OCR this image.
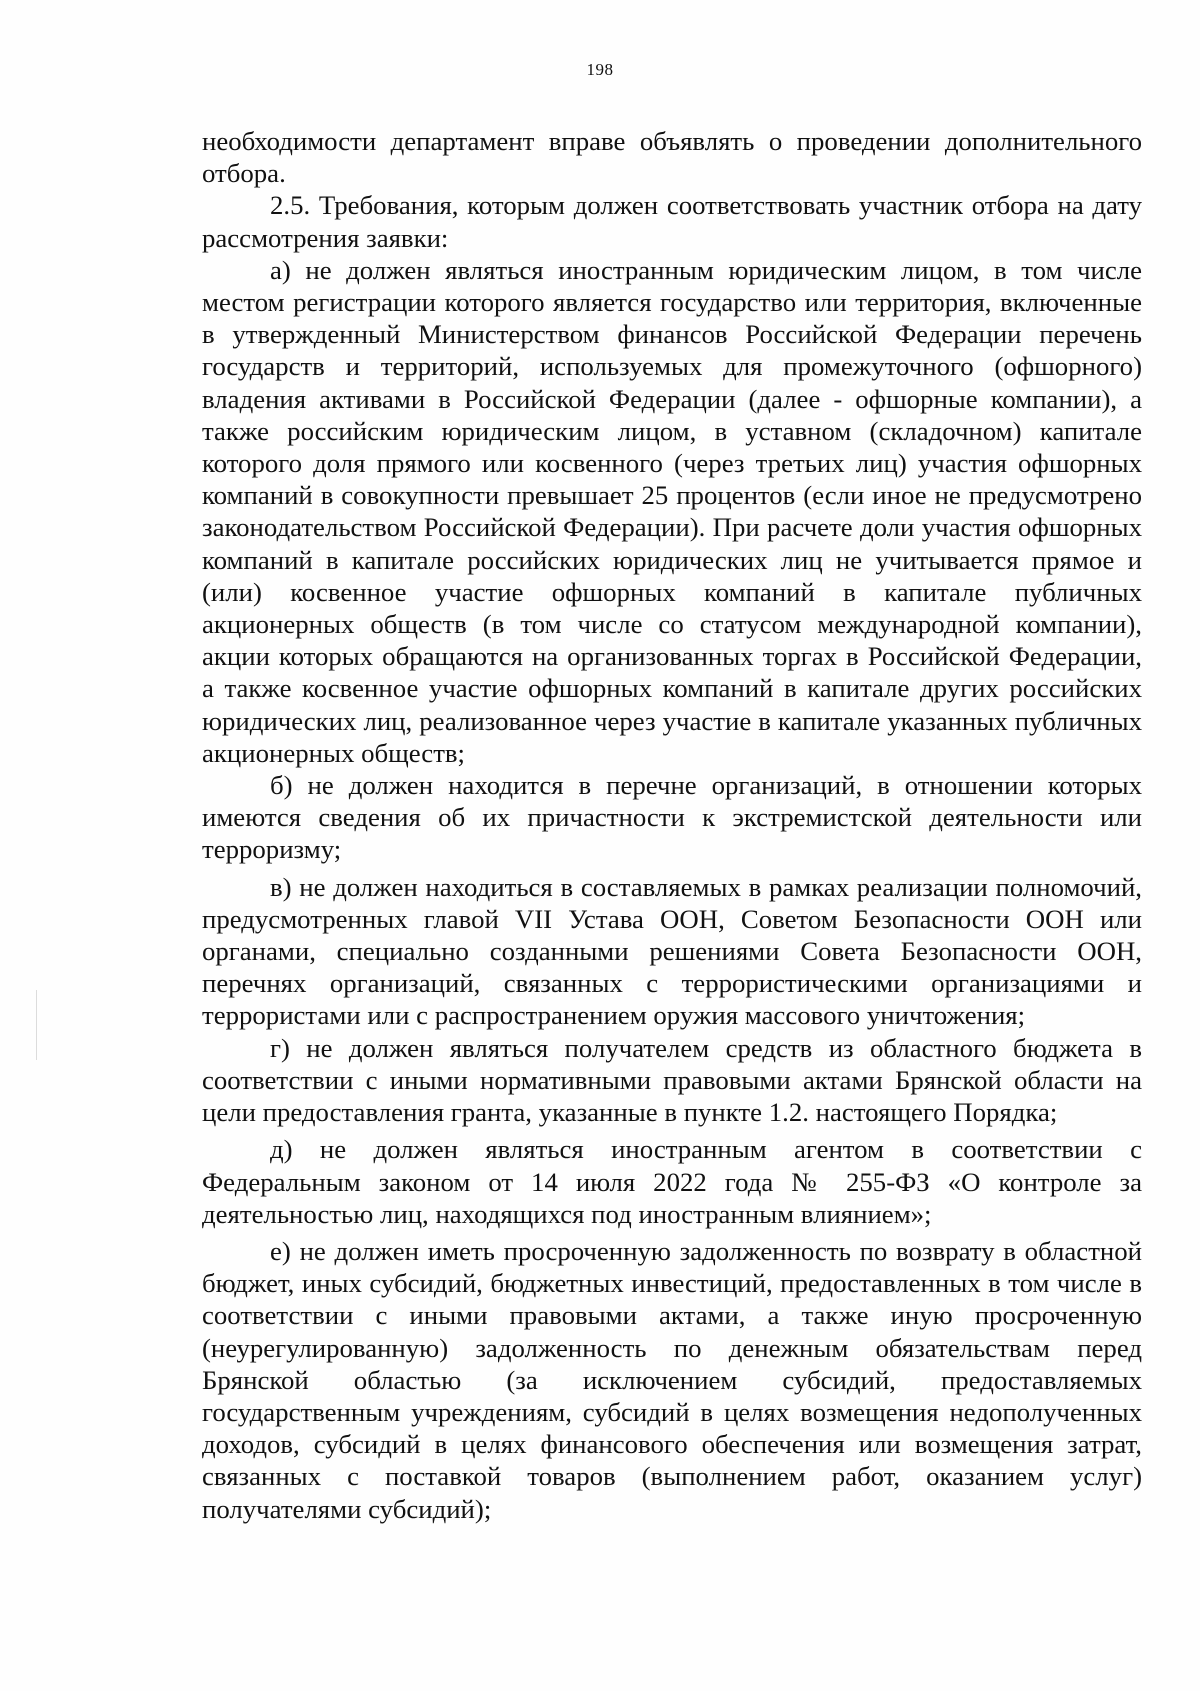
198

необходимости департамент вправе объявлять о проведении дополнительного отбора.

2.5. Требования, которым должен соответствовать участник отбора на дату рассмотрения заявки:

а) не должен являться иностранным юридическим лицом, в том числе местом регистрации которого является государство или территория, включенные в утвержденный Министерством финансов Российской Федерации перечень государств и территорий, используемых для промежуточного (офшорного) владения активами в Российской Федерации (далее - офшорные компании), а также российским юридическим лицом, в уставном (складочном) капитале которого доля прямого или косвенного (через третьих лиц) участия офшорных компаний в совокупности превышает 25 процентов (если иное не предусмотрено законодательством Российской Федерации). При расчете доли участия офшорных компаний в капитале российских юридических лиц не учитывается прямое и (или) косвенное участие офшорных компаний в капитале публичных акционерных обществ (в том числе со статусом международной компании), акции которых обращаются на организованных торгах в Российской Федерации, а также косвенное участие офшорных компаний в капитале других российских юридических лиц, реализованное через участие в капитале указанных публичных акционерных обществ;

б) не должен находится в перечне организаций, в отношении которых имеются сведения об их причастности к экстремистской деятельности или терроризму;

в) не должен находиться в составляемых в рамках реализации полномочий, предусмотренных главой VII Устава ООН, Советом Безопасности ООН или органами, специально созданными решениями Совета Безопасности ООН, перечнях организаций, связанных с террористическими организациями и террористами или с распространением оружия массового уничтожения;

г) не должен являться получателем средств из областного бюджета в соответствии с иными нормативными правовыми актами Брянской области на цели предоставления гранта, указанные в пункте 1.2. настоящего Порядка;

д) не должен являться иностранным агентом в соответствии с Федеральным законом от 14 июля 2022 года № 255-ФЗ «О контроле за деятельностью лиц, находящихся под иностранным влиянием»;

е) не должен иметь просроченную задолженность по возврату в областной бюджет, иных субсидий, бюджетных инвестиций, предоставленных в том числе в соответствии с иными правовыми актами, а также иную просроченную (неурегулированную) задолженность по денежным обязательствам перед Брянской областью (за исключением субсидий, предоставляемых государственным учреждениям, субсидий в целях возмещения недополученных доходов, субсидий в целях финансового обеспечения или возмещения затрат, связанных с поставкой товаров (выполнением работ, оказанием услуг) получателями субсидий);
